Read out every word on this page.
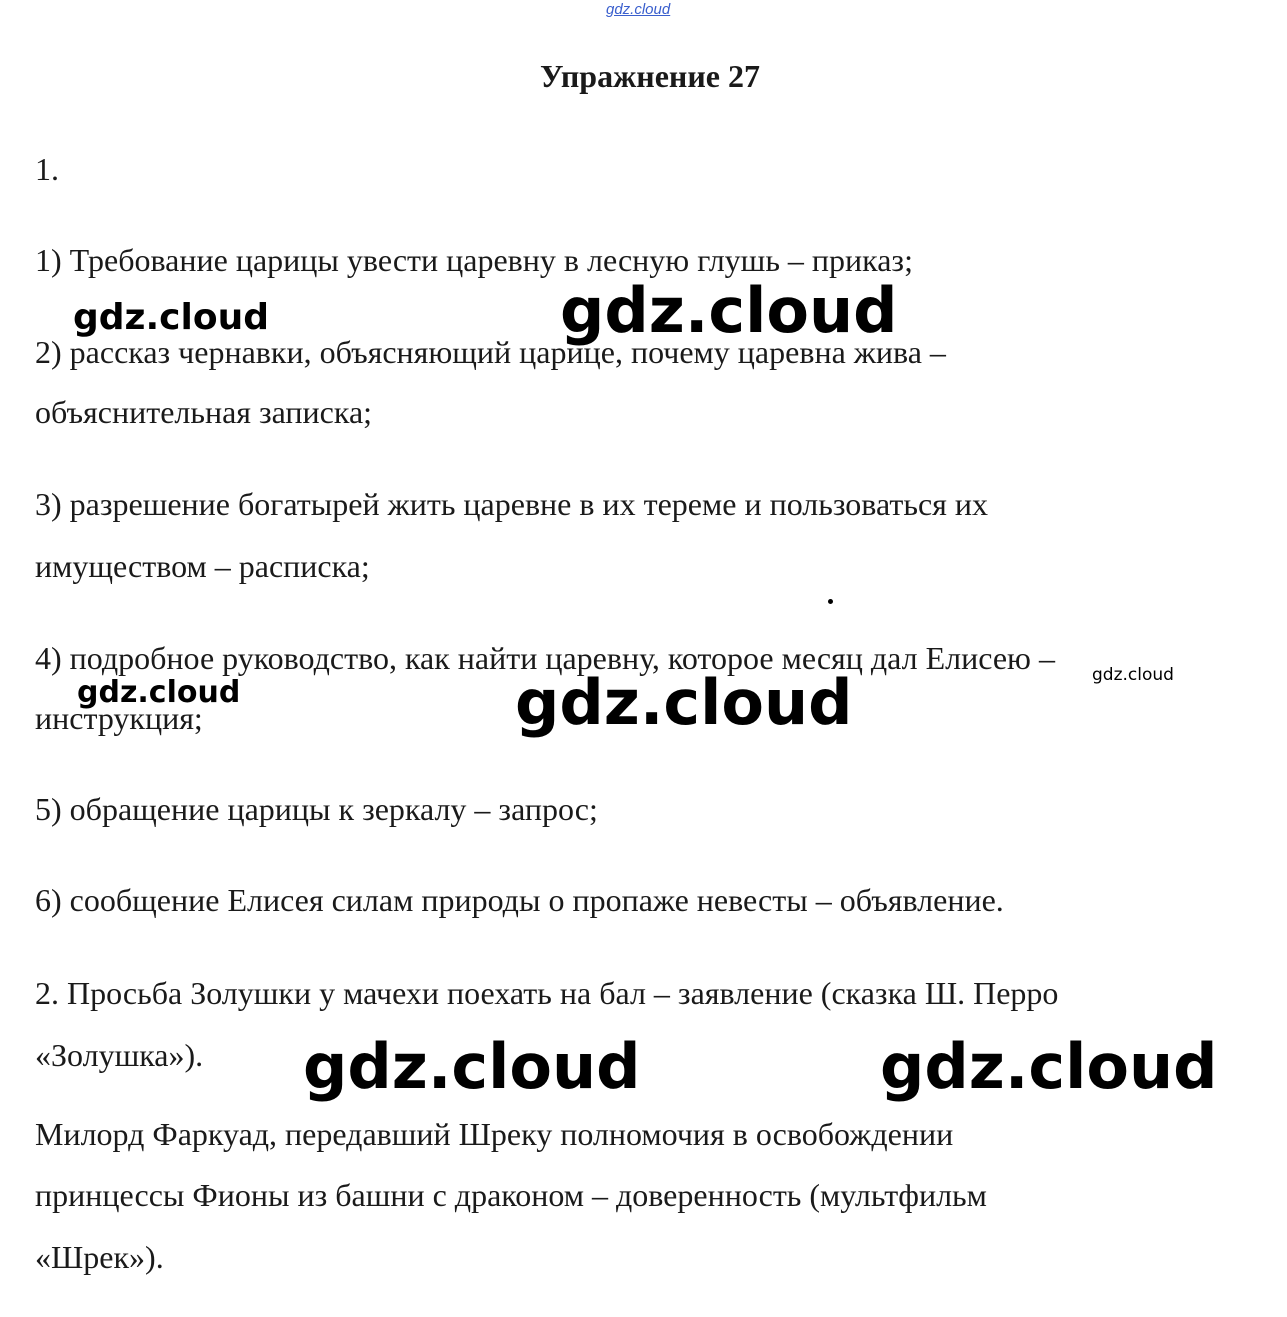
gdz.cloud
Упражнение 27
1.
1) Требование царицы увести царевну в лесную глушь – приказ;
2) рассказ чернавки, объясняющий царице, почему царевна жива –
объяснительная записка;
3) разрешение богатырей жить царевне в их тереме и пользоваться их
имуществом – расписка;
4) подробное руководство, как найти царевну, которое месяц дал Елисею –
инструкция;
5) обращение царицы к зеркалу – запрос;
6) сообщение Елисея силам природы о пропаже невесты – объявление.
2. Просьба Золушки у мачехи поехать на бал – заявление (сказка Ш. Перро
«Золушка»).
Милорд Фаркуад, передавший Шреку полномочия в освобождении
принцессы Фионы из башни с драконом – доверенность (мультфильм
«Шрек»).
gdz.cloud	gdz.cloud
gdz.cloud	gdz.cloud	gdz.cloud
gdz.cloud	gdz.cloud
